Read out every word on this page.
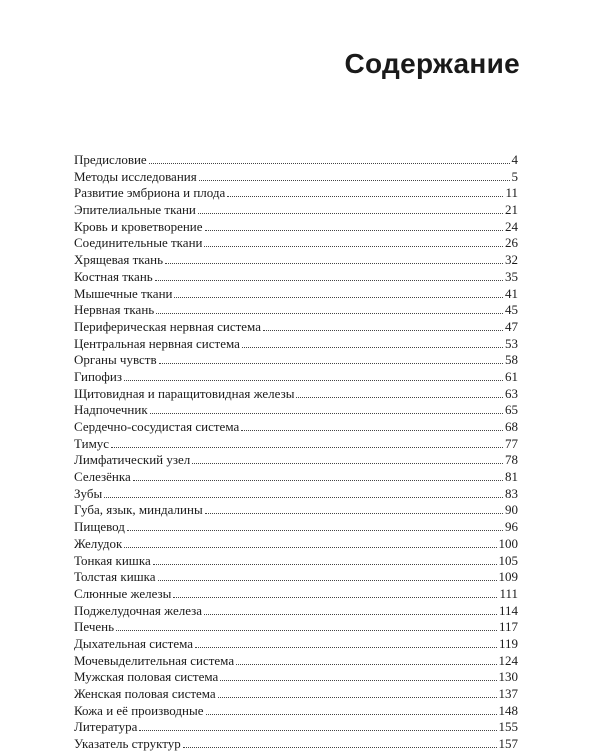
Содержание
Предисловие	4
Методы исследования	5
Развитие эмбриона и плода	11
Эпителиальные ткани	21
Кровь и кроветворение	24
Соединительные ткани	26
Хрящевая ткань	32
Костная ткань	35
Мышечные ткани	41
Нервная ткань	45
Периферическая нервная система	47
Центральная нервная система	53
Органы чувств	58
Гипофиз	61
Щитовидная и паращитовидная железы	63
Надпочечник	65
Сердечно-сосудистая система	68
Тимус	77
Лимфатический узел	78
Селезёнка	81
Зубы	83
Губа, язык, миндалины	90
Пищевод	96
Желудок	100
Тонкая кишка	105
Толстая кишка	109
Слюнные железы	111
Поджелудочная железа	114
Печень	117
Дыхательная система	119
Мочевыделительная система	124
Мужская половая система	130
Женская половая система	137
Кожа и её производные	148
Литература	155
Указатель структур	157
